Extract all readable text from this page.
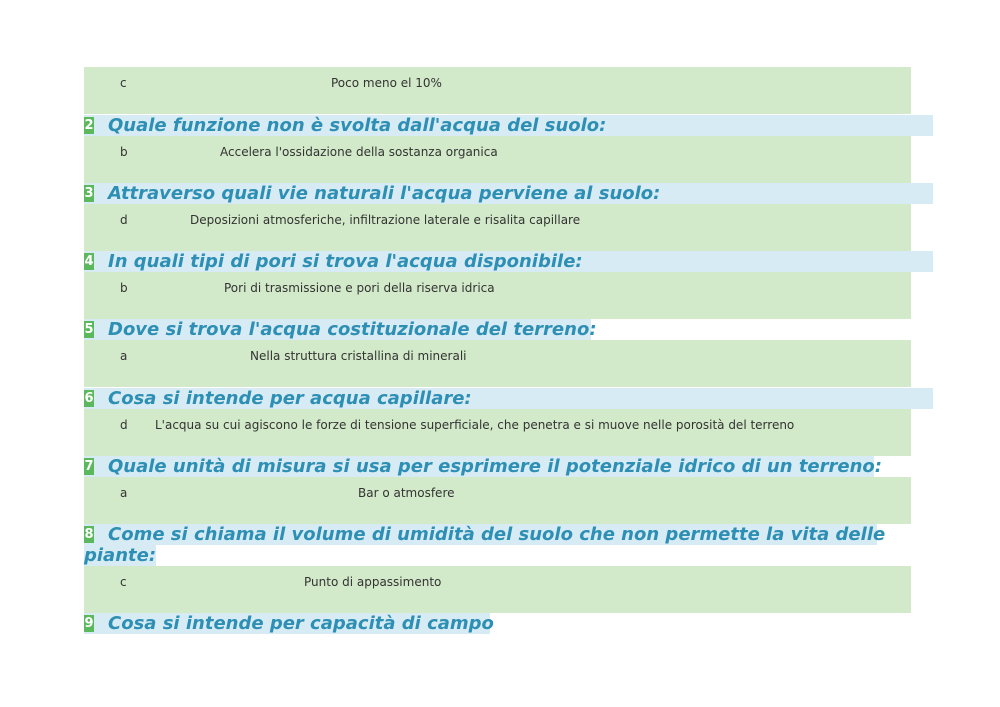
c	Poco meno el 10%
2 Quale funzione non è svolta dall'acqua del suolo:
b	Accelera l'ossidazione della sostanza organica
3 Attraverso quali vie naturali l'acqua perviene al suolo:
d	Deposizioni atmosferiche, infiltrazione laterale e risalita capillare
4 In quali tipi di pori si trova l'acqua disponibile:
b	Pori di trasmissione e pori della riserva idrica
5 Dove si trova l'acqua costituzionale del terreno:
a	Nella struttura cristallina di minerali
6 Cosa si intende per acqua capillare:
d L'acqua su cui agiscono le forze di tensione superficiale, che penetra e si muove nelle porosità del terreno
7 Quale unità di misura si usa per esprimere il potenziale idrico di un terreno:
a	Bar o atmosfere
8 Come si chiama il volume di umidità del suolo che non permette la vita delle
piante:
c	Punto di appassimento
9 Cosa si intende per capacità di campo
